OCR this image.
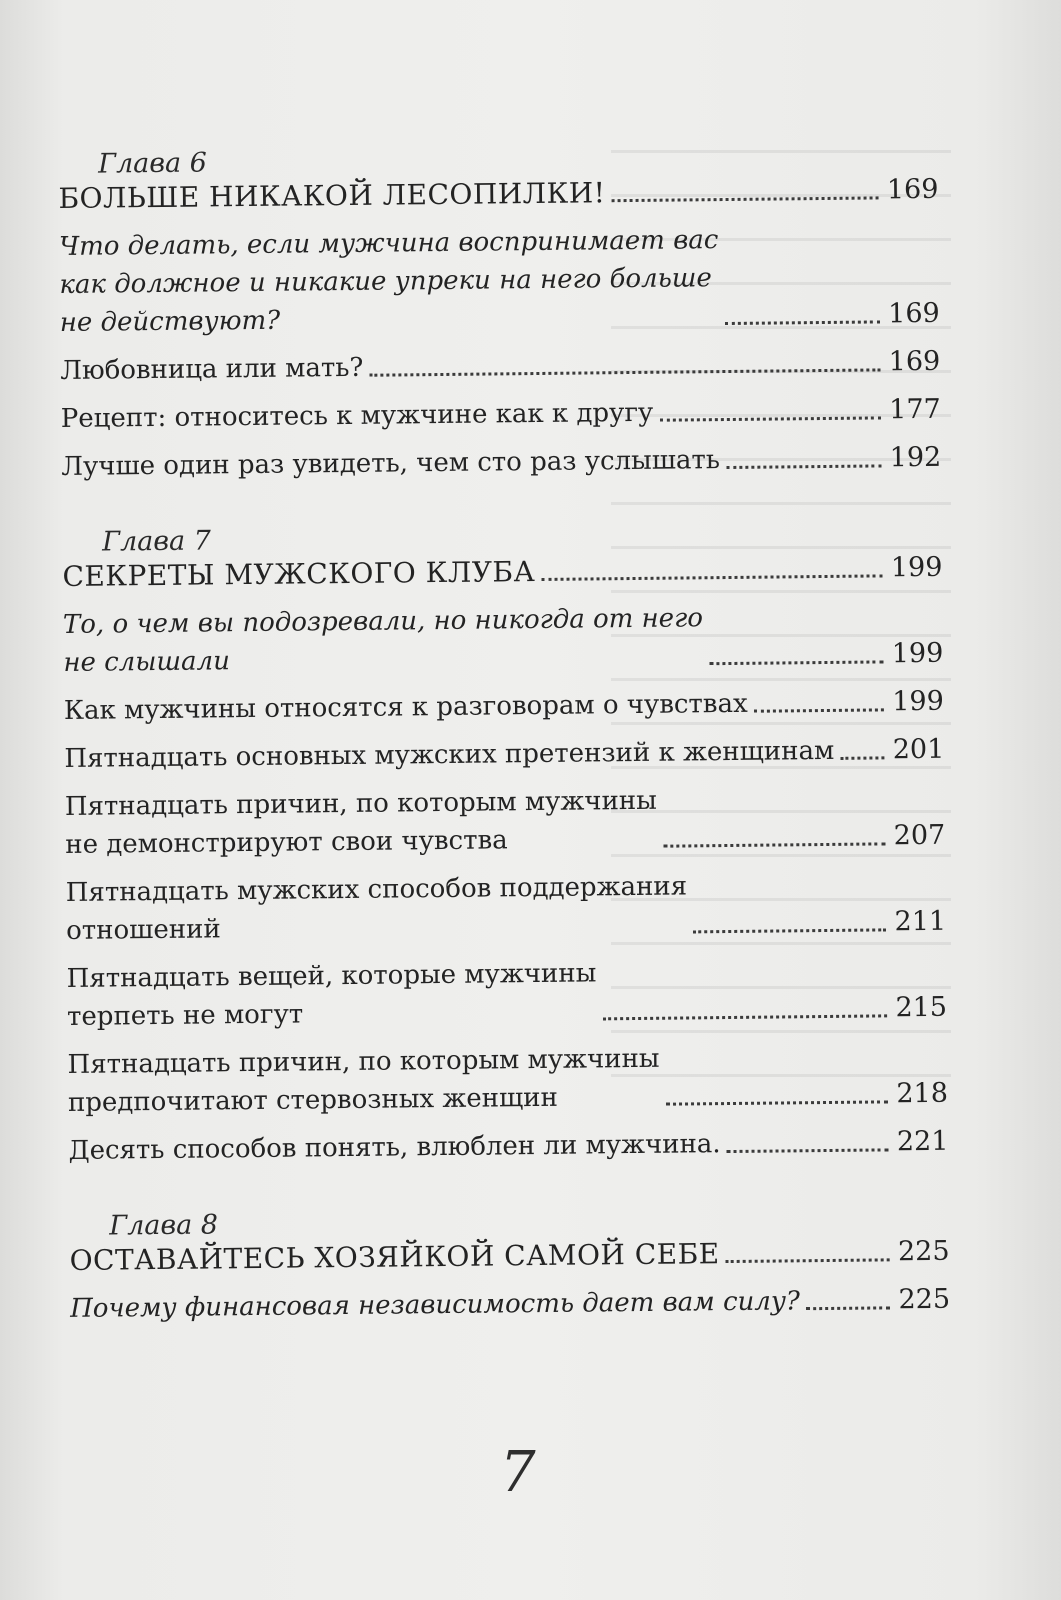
Глава 6
БОЛЬШЕ НИКАКОЙ ЛЕСОПИЛКИ!	169
Что делать, если мужчина воспринимает вас
как должное и никакие упреки на него больше
не действуют?	169
Любовница или мать?	169
Рецепт: относитесь к мужчине как к другу	177
Лучше один раз увидеть, чем сто раз услышать	192
Глава 7
СЕКРЕТЫ МУЖСКОГО КЛУБА	199
То, о чем вы подозревали, но никогда от него
не слышали	199
Как мужчины относятся к разговорам о чувствах	199
Пятнадцать основных мужских претензий к женщинам 201
Пятнадцать причин, по которым мужчины
не демонстрируют свои чувства	207
Пятнадцать мужских способов поддержания
отношений	211
Пятнадцать вещей, которые мужчины
терпеть не могут	215
Пятнадцать причин, по которым мужчины
предпочитают стервозных женщин	218
Десять способов понять, влюблен ли мужчина.	221
Глава 8
ОСТАВАЙТЕСЬ ХОЗЯЙКОЙ САМОЙ СЕБЕ	225
Почему финансовая независимость дает вам силу?	225
7
